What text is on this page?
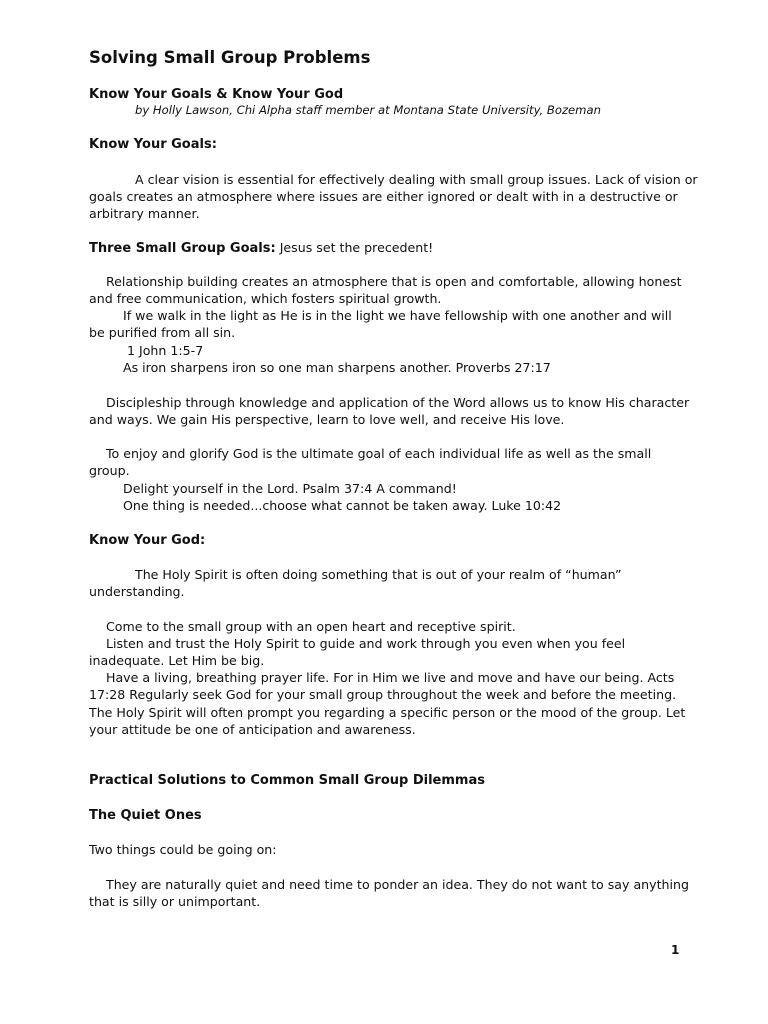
Solving Small Group Problems
Know Your Goals & Know Your God
by Holly Lawson, Chi Alpha staff member at Montana State University, Bozeman
Know Your Goals:
A clear vision is essential for effectively dealing with small group issues. Lack of vision or
goals creates an atmosphere where issues are either ignored or dealt with in a destructive or
arbitrary manner.
Three Small Group Goals: Jesus set the precedent!
Relationship building creates an atmosphere that is open and comfortable, allowing honest
and free communication, which fosters spiritual growth.
If we walk in the light as He is in the light we have fellowship with one another and will
be purified from all sin.
1 John 1:5-7
As iron sharpens iron so one man sharpens another. Proverbs 27:17
Discipleship through knowledge and application of the Word allows us to know His character
and ways. We gain His perspective, learn to love well, and receive His love.
To enjoy and glorify God is the ultimate goal of each individual life as well as the small
group.
Delight yourself in the Lord. Psalm 37:4 A command!
One thing is needed...choose what cannot be taken away. Luke 10:42
Know Your God:
The Holy Spirit is often doing something that is out of your realm of “human”
understanding.
Come to the small group with an open heart and receptive spirit.
Listen and trust the Holy Spirit to guide and work through you even when you feel
inadequate. Let Him be big.
Have a living, breathing prayer life. For in Him we live and move and have our being. Acts
17:28 Regularly seek God for your small group throughout the week and before the meeting.
The Holy Spirit will often prompt you regarding a specific person or the mood of the group. Let
your attitude be one of anticipation and awareness.
Practical Solutions to Common Small Group Dilemmas
The Quiet Ones
Two things could be going on:
They are naturally quiet and need time to ponder an idea. They do not want to say anything
that is silly or unimportant.
1
